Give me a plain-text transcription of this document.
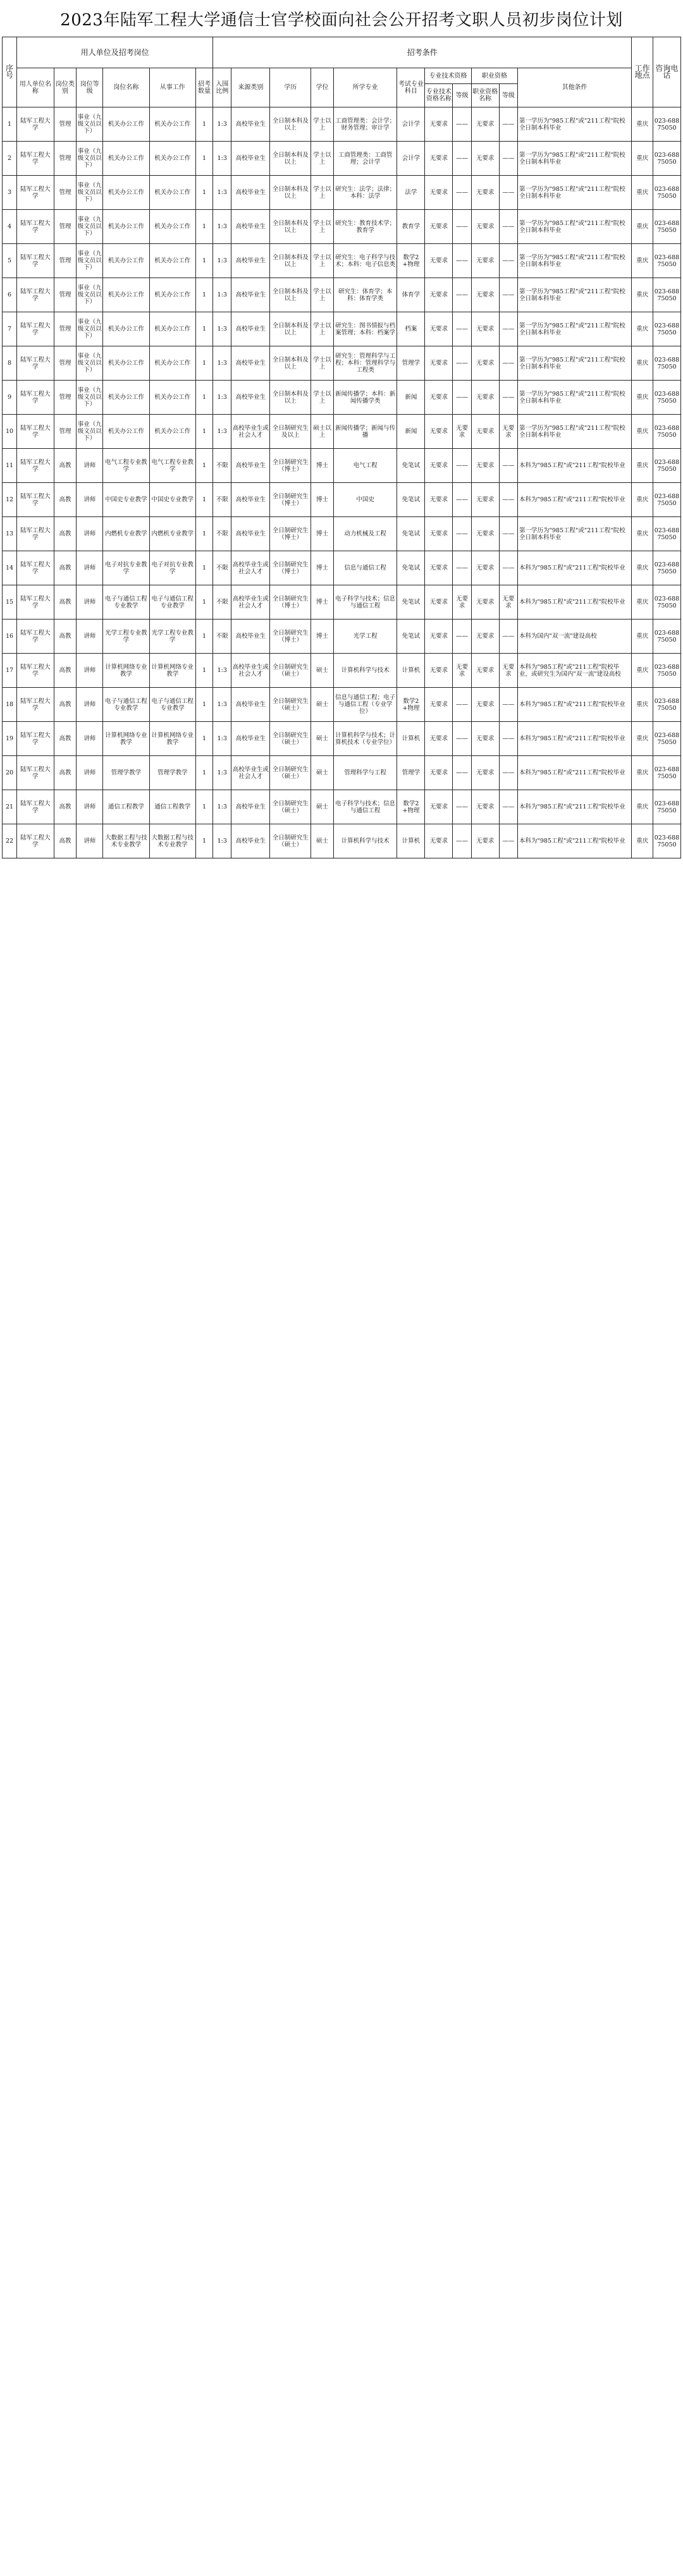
2023年陆军工程大学通信士官学校面向社会公开招考文职人员初步岗位计划
序号	用人单位及招考岗位						招考条件											工作地点	咨询电话
	用人单位名称	岗位类别	岗位等级	岗位名称	从事工作	招考数量	入围比例	来源类别	学历	学位	所学专业	考试专业科目	专业技术资格		职业资格		其他条件		
													专业技术资格名称	等级	职业资格名称	等级			
1	陆军工程大学	管理	事业（九级文员以下）	机关办公工作	机关办公工作	1	1:3	高校毕业生	全日制本科及以上	学士以上	工商管理类：会计学；财务管理；审计学	会计学	无要求	——	无要求	——	第一学历为"985工程"或"211工程"院校全日制本科毕业	重庆	023-68875050
2	陆军工程大学	管理	事业（九级文员以下）	机关办公工作	机关办公工作	1	1:3	高校毕业生	全日制本科及以上	学士以上	工商管理类：工商管理；会计学	会计学	无要求	——	无要求	——	第一学历为"985工程"或"211工程"院校全日制本科毕业	重庆	023-68875050
3	陆军工程大学	管理	事业（九级文员以下）	机关办公工作	机关办公工作	1	1:3	高校毕业生	全日制本科及以上	学士以上	研究生：法学；法律；本科：法学	法学	无要求	——	无要求	——	第一学历为"985工程"或"211工程"院校全日制本科毕业	重庆	023-68875050
4	陆军工程大学	管理	事业（九级文员以下）	机关办公工作	机关办公工作	1	1:3	高校毕业生	全日制本科及以上	学士以上	研究生：教育技术学；教育学	教育学	无要求	——	无要求	——	第一学历为"985工程"或"211工程"院校全日制本科毕业	重庆	023-68875050
5	陆军工程大学	管理	事业（九级文员以下）	机关办公工作	机关办公工作	1	1:3	高校毕业生	全日制本科及以上	学士以上	研究生：电子科学与技术；本科：电子信息类	数学2+物理	无要求	——	无要求	——	第一学历为"985工程"或"211工程"院校全日制本科毕业	重庆	023-68875050
6	陆军工程大学	管理	事业（九级文员以下）	机关办公工作	机关办公工作	1	1:3	高校毕业生	全日制本科及以上	学士以上	研究生：体育学；本科：体育学类	体育学	无要求	——	无要求	——	第一学历为"985工程"或"211工程"院校全日制本科毕业	重庆	023-68875050
7	陆军工程大学	管理	事业（九级文员以下）	机关办公工作	机关办公工作	1	1:3	高校毕业生	全日制本科及以上	学士以上	研究生：图书情报与档案管理；本科：档案学	档案	无要求	——	无要求	——	第一学历为"985工程"或"211工程"院校全日制本科毕业	重庆	023-68875050
8	陆军工程大学	管理	事业（九级文员以下）	机关办公工作	机关办公工作	1	1:3	高校毕业生	全日制本科及以上	学士以上	研究生：管理科学与工程；本科：管理科学与工程类	管理学	无要求	——	无要求	——	第一学历为"985工程"或"211工程"院校全日制本科毕业	重庆	023-68875050
9	陆军工程大学	管理	事业（九级文员以下）	机关办公工作	机关办公工作	1	1:3	高校毕业生	全日制本科及以上	学士以上	新闻传播学；本科：新闻传播学类	新闻	无要求	——	无要求	——	第一学历为"985工程"或"211工程"院校全日制本科毕业	重庆	023-68875050
10	陆军工程大学	管理	事业（九级文员以下）	机关办公工作	机关办公工作	1	1:3	高校毕业生或社会人才	全日制研究生及以上	硕士以上	新闻传播学；新闻与传播	新闻	无要求	无要求	无要求	无要求	第一学历为"985工程"或"211工程"院校全日制本科毕业	重庆	023-68875050
11	陆军工程大学	高教	讲师	电气工程专业教学	电气工程专业教学	1	不限	高校毕业生	全日制研究生（博士）	博士	电气工程	免笔试	无要求	——	无要求	——	本科为"985工程"或"211工程"院校毕业	重庆	023-68875050
12	陆军工程大学	高教	讲师	中国史专业教学	中国史专业教学	1	不限	高校毕业生	全日制研究生（博士）	博士	中国史	免笔试	无要求	——	无要求	——	本科为"985工程"或"211工程"院校毕业	重庆	023-68875050
13	陆军工程大学	高教	讲师	内燃机专业教学	内燃机专业教学	1	不限	高校毕业生	全日制研究生（博士）	博士	动力机械及工程	免笔试	无要求	——	无要求	——	第一学历为"985工程"或"211工程"院校全日制本科毕业	重庆	023-68875050
14	陆军工程大学	高教	讲师	电子对抗专业教学	电子对抗专业教学	1	不限	高校毕业生或社会人才	全日制研究生（博士）	博士	信息与通信工程	免笔试	无要求	——	无要求	——	本科为"985工程"或"211工程"院校毕业	重庆	023-68875050
15	陆军工程大学	高教	讲师	电子与通信工程专业教学	电子与通信工程专业教学	1	不限	高校毕业生或社会人才	全日制研究生（博士）	博士	电子科学与技术；信息与通信工程	免笔试	无要求	无要求	无要求	无要求	本科为"985工程"或"211工程"院校毕业	重庆	023-68875050
16	陆军工程大学	高教	讲师	光学工程专业教学	光学工程专业教学	1	不限	高校毕业生	全日制研究生（博士）	博士	光学工程	免笔试	无要求	——	无要求	——	本科为国内"双一流"建设高校	重庆	023-68875050
17	陆军工程大学	高教	讲师	计算机网络专业教学	计算机网络专业教学	1	1:3	高校毕业生或社会人才	全日制研究生（硕士）	硕士	计算机科学与技术	计算机	无要求	无要求	无要求	无要求	本科为"985工程"或"211工程"院校毕业，或研究生为国内"双一流"建设高校	重庆	023-68875050
18	陆军工程大学	高教	讲师	电子与通信工程专业教学	电子与通信工程专业教学	1	1:3	高校毕业生	全日制研究生（硕士）	硕士	信息与通信工程；电子与通信工程（专业学位）	数学2+物理	无要求	——	无要求	——	本科为"985工程"或"211工程"院校毕业	重庆	023-68875050
19	陆军工程大学	高教	讲师	计算机网络专业教学	计算机网络专业教学	1	1:3	高校毕业生	全日制研究生（硕士）	硕士	计算机科学与技术；计算机技术（专业学位）	计算机	无要求	——	无要求	——	本科为"985工程"或"211工程"院校毕业	重庆	023-68875050
20	陆军工程大学	高教	讲师	管理学教学	管理学教学	1	1:3	高校毕业生或社会人才	全日制研究生（硕士）	硕士	管理科学与工程	管理学	无要求	——	无要求	——	本科为"985工程"或"211工程"院校毕业	重庆	023-68875050
21	陆军工程大学	高教	讲师	通信工程教学	通信工程教学	1	1:3	高校毕业生	全日制研究生（硕士）	硕士	电子科学与技术；信息与通信工程	数学2+物理	无要求	——	无要求	——	本科为"985工程"或"211工程"院校毕业	重庆	023-68875050
22	陆军工程大学	高教	讲师	大数据工程与技术专业教学	大数据工程与技术专业教学	1	1:3	高校毕业生	全日制研究生（硕士）	硕士	计算机科学与技术	计算机	无要求	——	无要求	——	本科为"985工程"或"211工程"院校毕业	重庆	023-68875050
